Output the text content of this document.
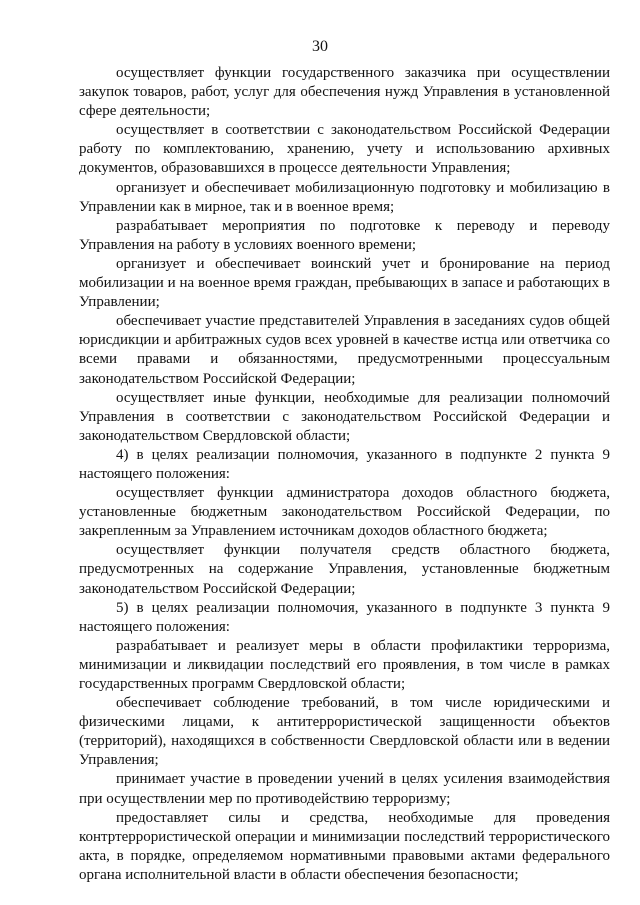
30

осуществляет функции государственного заказчика при осуществлении закупок товаров, работ, услуг для обеспечения нужд Управления в установленной сфере деятельности;

осуществляет в соответствии с законодательством Российской Федерации работу по комплектованию, хранению, учету и использованию архивных документов, образовавшихся в процессе деятельности Управления;

организует и обеспечивает мобилизационную подготовку и мобилизацию в Управлении как в мирное, так и в военное время;

разрабатывает мероприятия по подготовке к переводу и переводу Управления на работу в условиях военного времени;

организует и обеспечивает воинский учет и бронирование на период мобилизации и на военное время граждан, пребывающих в запасе и работающих в Управлении;

обеспечивает участие представителей Управления в заседаниях судов общей юрисдикции и арбитражных судов всех уровней в качестве истца или ответчика со всеми правами и обязанностями, предусмотренными процессуальным законодательством Российской Федерации;

осуществляет иные функции, необходимые для реализации полномочий Управления в соответствии с законодательством Российской Федерации и законодательством Свердловской области;

4) в целях реализации полномочия, указанного в подпункте 2 пункта 9 настоящего положения:

осуществляет функции администратора доходов областного бюджета, установленные бюджетным законодательством Российской Федерации, по закрепленным за Управлением источникам доходов областного бюджета;

осуществляет функции получателя средств областного бюджета, предусмотренных на содержание Управления, установленные бюджетным законодательством Российской Федерации;

5) в целях реализации полномочия, указанного в подпункте 3 пункта 9 настоящего положения:

разрабатывает и реализует меры в области профилактики терроризма, минимизации и ликвидации последствий его проявления, в том числе в рамках государственных программ Свердловской области;

обеспечивает соблюдение требований, в том числе юридическими и физическими лицами, к антитеррористической защищенности объектов (территорий), находящихся в собственности Свердловской области или в ведении Управления;

принимает участие в проведении учений в целях усиления взаимодействия при осуществлении мер по противодействию терроризму;

предоставляет силы и средства, необходимые для проведения контртеррористической операции и минимизации последствий террористического акта, в порядке, определяемом нормативными правовыми актами федерального органа исполнительной власти в области обеспечения безопасности;
